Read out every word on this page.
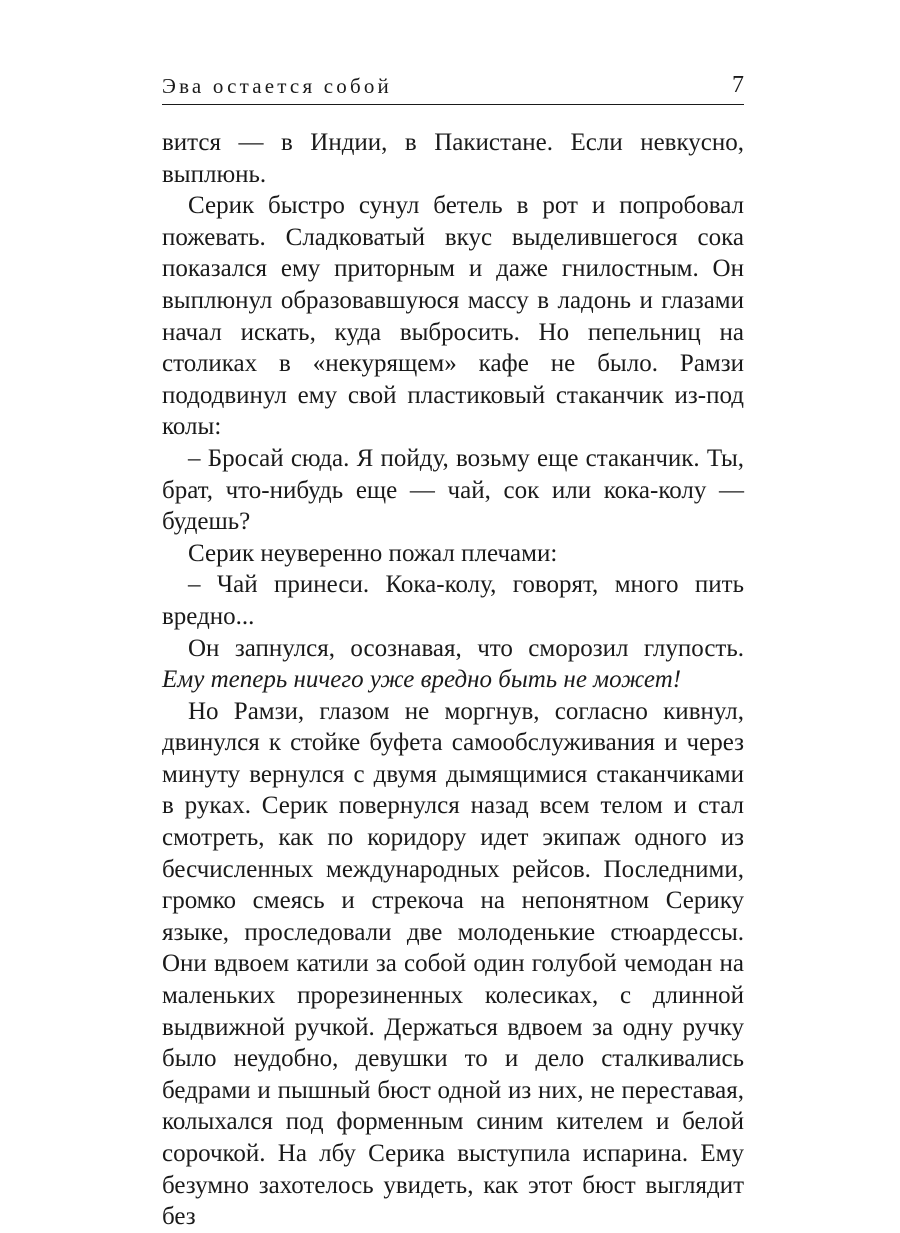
Эва остается собой	7

вится — в Индии, в Пакистане. Если невкусно, выплюнь.

Серик быстро сунул бетель в рот и попробовал пожевать. Сладковатый вкус выделившегося сока показался ему приторным и даже гнилостным. Он выплюнул образовавшуюся массу в ладонь и глазами начал искать, куда выбросить. Но пепельниц на столиках в «некурящем» кафе не было. Рамзи пододвинул ему свой пластиковый стаканчик из-под колы:

– Бросай сюда. Я пойду, возьму еще стаканчик. Ты, брат, что-нибудь еще — чай, сок или кока-колу — будешь?

Серик неуверенно пожал плечами:

– Чай принеси. Кока-колу, говорят, много пить вредно...

Он запнулся, осознавая, что сморозил глупость. Ему теперь ничего уже вредно быть не может!

Но Рамзи, глазом не моргнув, согласно кивнул, двинулся к стойке буфета самообслуживания и через минуту вернулся с двумя дымящимися стаканчиками в руках. Серик повернулся назад всем телом и стал смотреть, как по коридору идет экипаж одного из бесчисленных международных рейсов. Последними, громко смеясь и стрекоча на непонятном Серику языке, проследовали две молоденькие стюардессы. Они вдвоем катили за собой один голубой чемодан на маленьких прорезиненных колесиках, с длинной выдвижной ручкой. Держаться вдвоем за одну ручку было неудобно, девушки то и дело сталкивались бедрами и пышный бюст одной из них, не переставая, колыхался под форменным синим кителем и белой сорочкой. На лбу Серика выступила испарина. Ему безумно захотелось увидеть, как этот бюст выглядит без
